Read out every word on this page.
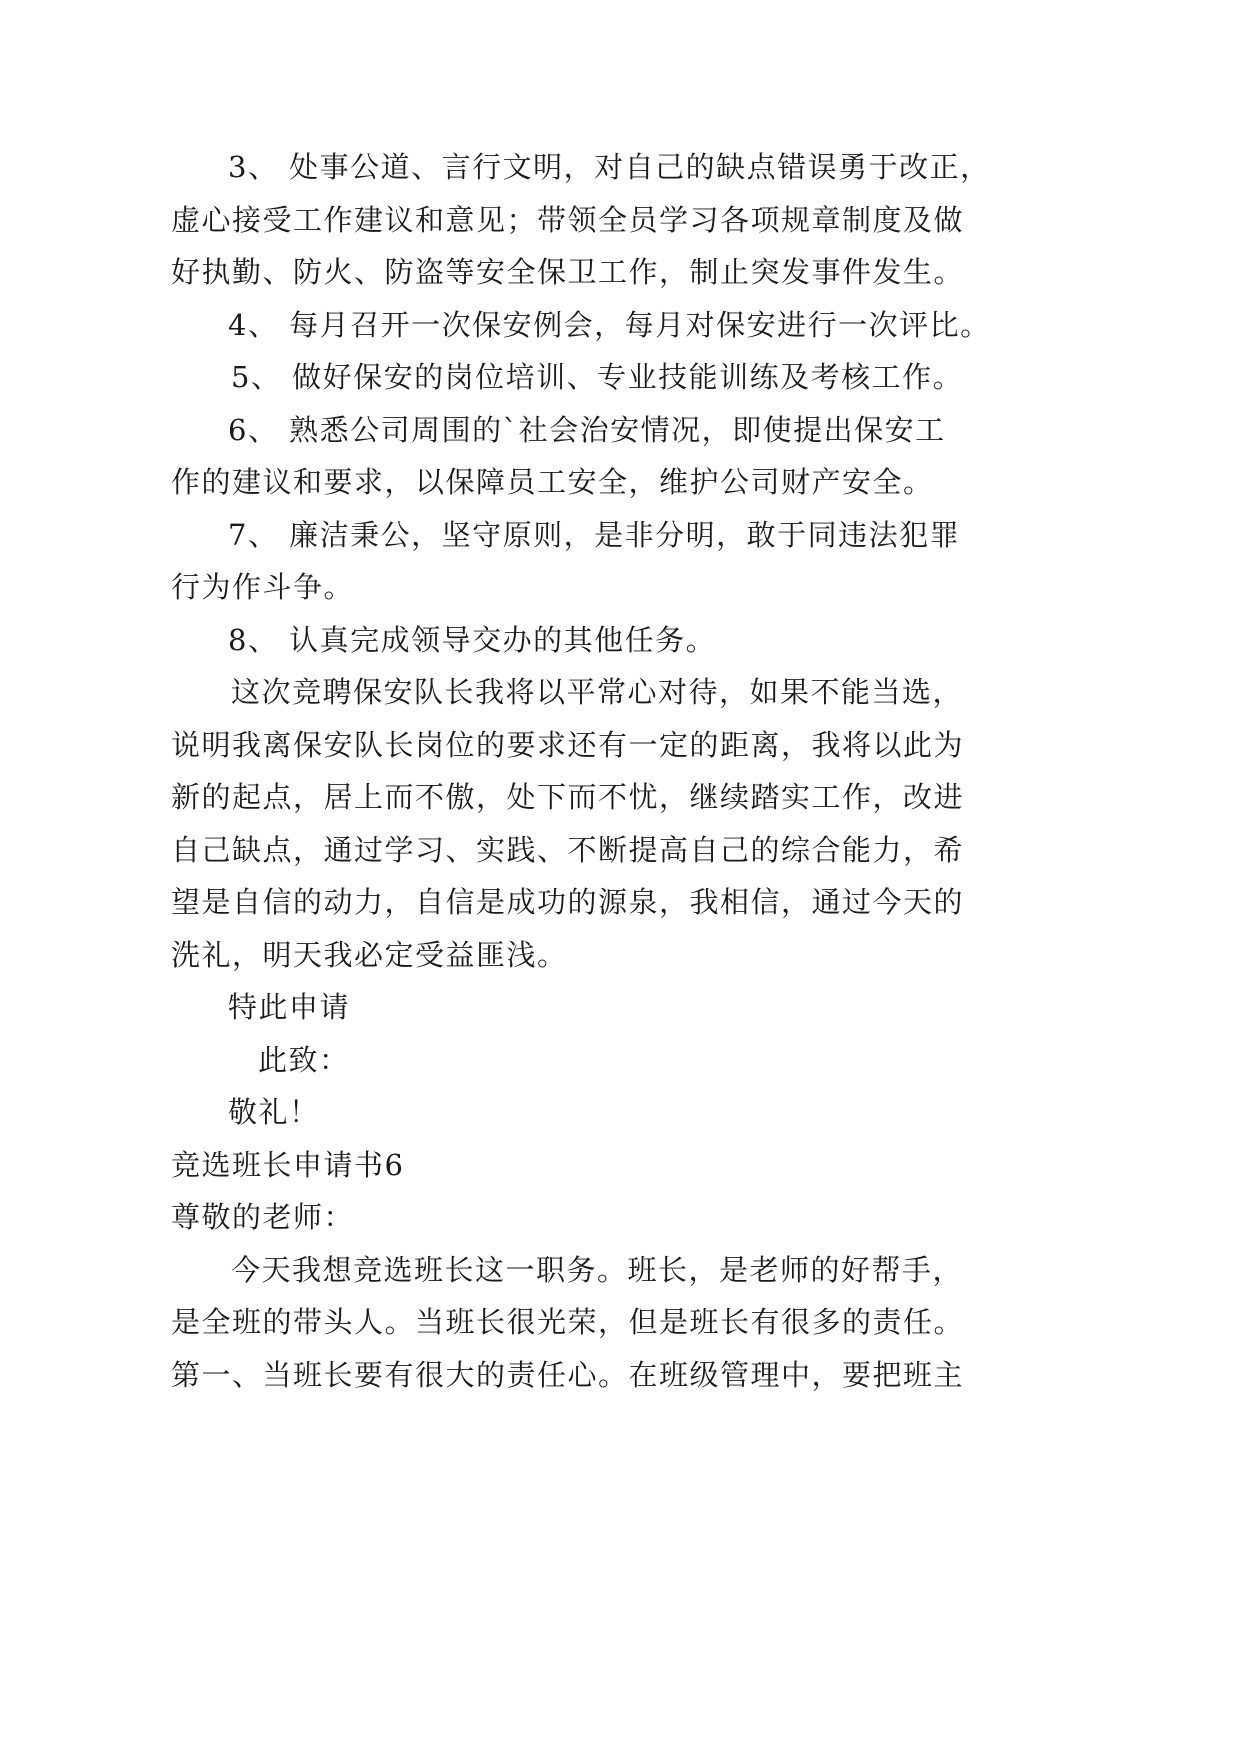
3、 处事公道、言行文明，对自己的缺点错误勇于改正，
虚心接受工作建议和意见；带领全员学习各项规章制度及做
好执勤、防火、防盗等安全保卫工作，制止突发事件发生。
4、 每月召开一次保安例会，每月对保安进行一次评比。
5、 做好保安的岗位培训、专业技能训练及考核工作。
6、 熟悉公司周围的`社会治安情况，即使提出保安工
作的建议和要求，以保障员工安全，维护公司财产安全。
7、 廉洁秉公，坚守原则，是非分明，敢于同违法犯罪
行为作斗争。
8、 认真完成领导交办的其他任务。
这次竞聘保安队长我将以平常心对待，如果不能当选，
说明我离保安队长岗位的要求还有一定的距离，我将以此为
新的起点，居上而不傲，处下而不忧，继续踏实工作，改进
自己缺点，通过学习、实践、不断提高自己的综合能力，希
望是自信的动力，自信是成功的源泉，我相信，通过今天的
洗礼，明天我必定受益匪浅。
特此申请
此致：
敬礼！
竞选班长申请书6
尊敬的老师：
今天我想竞选班长这一职务。班长，是老师的好帮手，
是全班的带头人。当班长很光荣，但是班长有很多的责任。
第一、当班长要有很大的责任心。在班级管理中，要把班主
